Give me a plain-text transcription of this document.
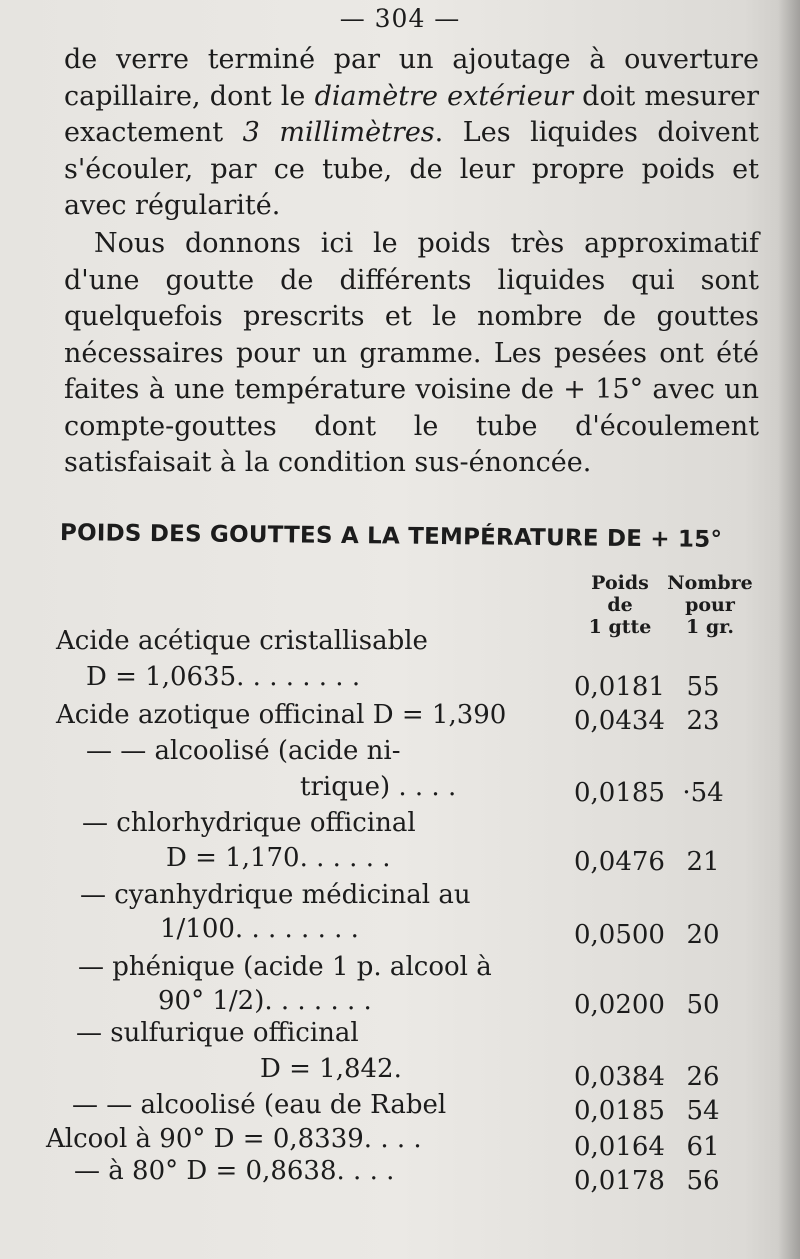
— 304 —

de verre terminé par un ajoutage à ouverture capillaire, dont le diamètre extérieur doit mesurer exactement 3 millimètres. Les liquides doivent s'écouler, par ce tube, de leur propre poids et avec régularité.

Nous donnons ici le poids très approximatif d'une goutte de différents liquides qui sont quelquefois prescrits et le nombre de gouttes nécessaires pour un gramme. Les pesées ont été faites à une température voisine de + 15° avec un compte-gouttes dont le tube d'écoulement satisfaisait à la condition sus-énoncée.

POIDS DES GOUTTES A LA TEMPÉRATURE DE + 15°
Poids
de
1 gtte
Nombre
pour
1 gr.
Acide acétique cristallisable
D = 1,0635. . . . . . . .	0,0181 55
Acide azotique officinal D = 1,390	0,0434 23
— — alcoolisé (acide ni-
trique) . . . .	0,0185 ·54
— chlorhydrique officinal
D = 1,170. . . . . .	0,0476 21
— cyanhydrique médicinal au
1/100. . . . . . . .	0,0500 20
— phénique (acide 1 p. alcool à
90° 1/2). . . . . . .	0,0200 50
— sulfurique officinal
D = 1,842.	0,0384 26
— — alcoolisé (eau de Rabel	0,0185 54
Alcool à 90° D = 0,8339. . . .	0,0164 61
— à 80° D = 0,8638. . . .	0,0178 56
